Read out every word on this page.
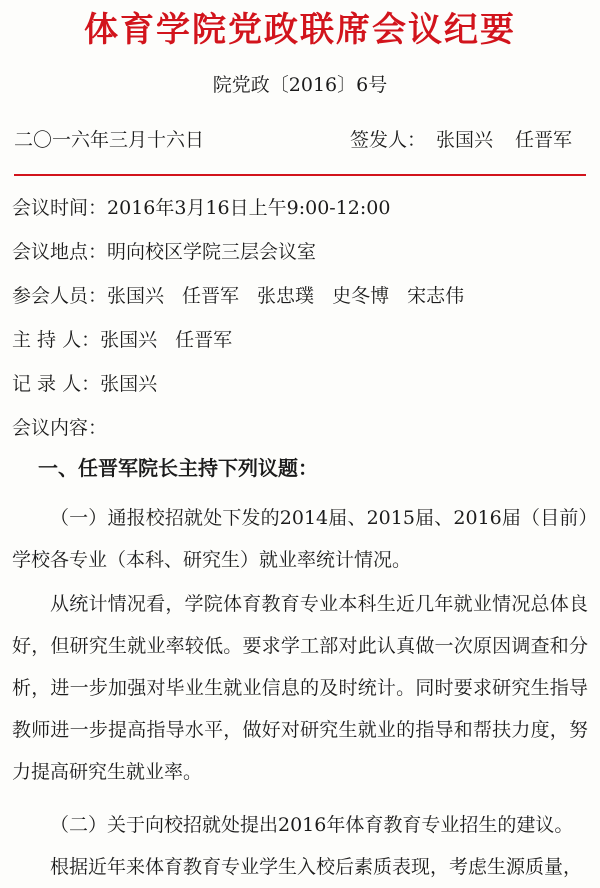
体育学院党政联席会议纪要
院党政〔2016〕6号
二〇一六年三月十六日	签发人： 张国兴 任晋军
会议时间：2016年3月16日上午9:00-12:00
会议地点：明向校区学院三层会议室
参会人员：张国兴 任晋军 张忠璞 史冬博 宋志伟
主 持 人：张国兴 任晋军
记 录 人：张国兴
会议内容：
一、任晋军院长主持下列议题：
（一）通报校招就处下发的2014届、2015届、2016届（目前）学校各专业（本科、研究生）就业率统计情况。
从统计情况看，学院体育教育专业本科生近几年就业情况总体良好，但研究生就业率较低。要求学工部对此认真做一次原因调查和分析，进一步加强对毕业生就业信息的及时统计。同时要求研究生指导教师进一步提高指导水平，做好对研究生就业的指导和帮扶力度，努力提高研究生就业率。
（二）关于向校招就处提出2016年体育教育专业招生的建议。
根据近年来体育教育专业学生入校后素质表现，考虑生源质量，
